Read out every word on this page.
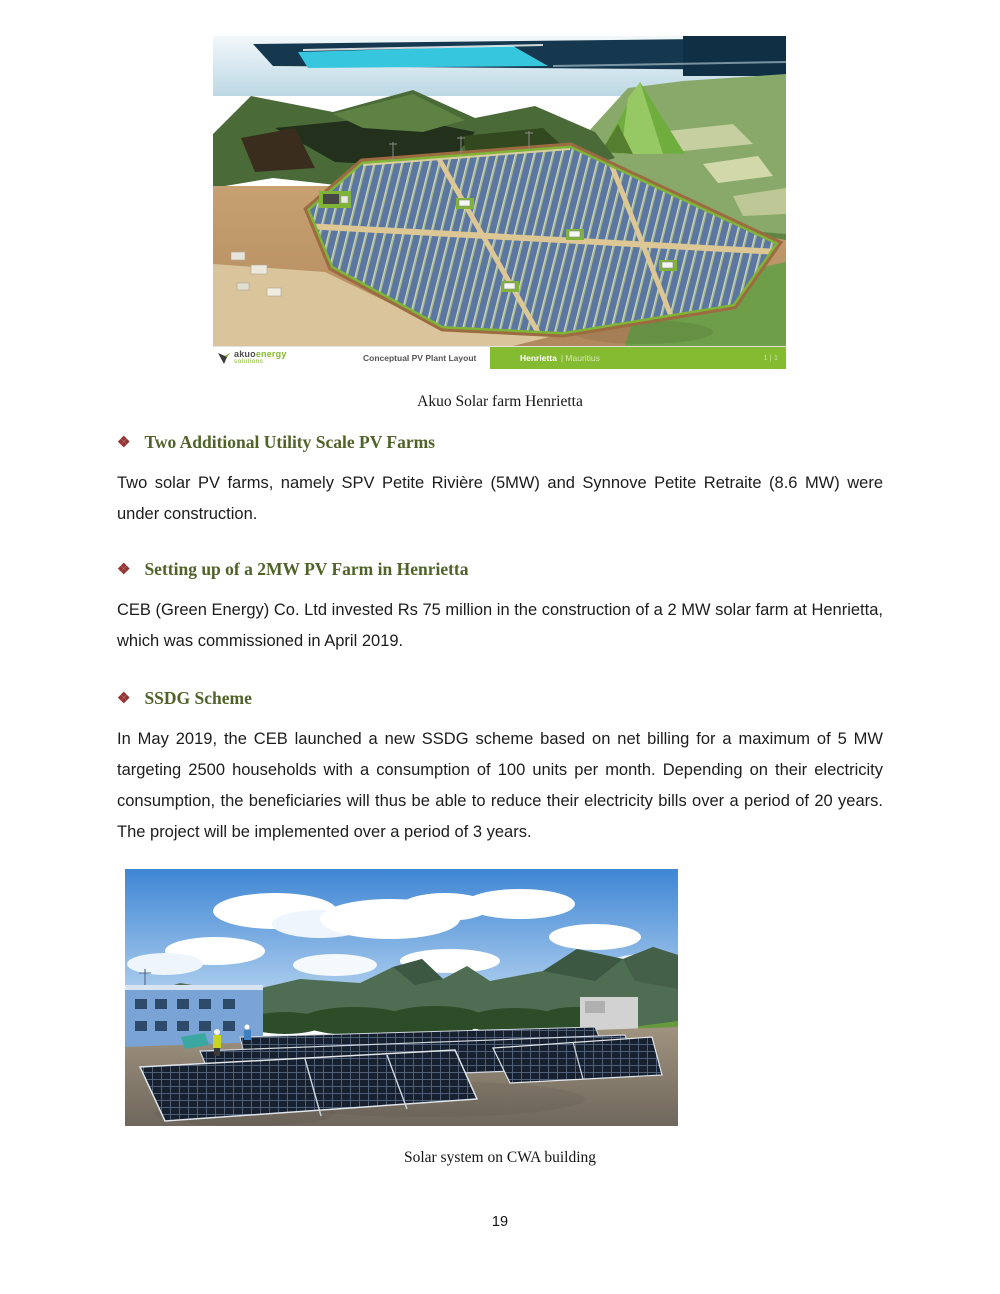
akuoenergy
solutions	Conceptual PV Plant Layout	Henrietta | Mauritius	1 | 1
Akuo Solar farm Henrietta
❖ Two Additional Utility Scale PV Farms

Two solar PV farms, namely SPV Petite Rivière (5MW) and Synnove Petite Retraite (8.6 MW) were under construction.

❖ Setting up of a 2MW PV Farm in Henrietta

CEB (Green Energy) Co. Ltd invested Rs 75 million in the construction of a 2 MW solar farm at Henrietta, which was commissioned in April 2019.

❖ SSDG Scheme

In May 2019, the CEB launched a new SSDG scheme based on net billing for a maximum of 5 MW targeting 2500 households with a consumption of 100 units per month. Depending on their electricity consumption, the beneficiaries will thus be able to reduce their electricity bills over a period of 20 years. The project will be implemented over a period of 3 years.

Solar system on CWA building
19
